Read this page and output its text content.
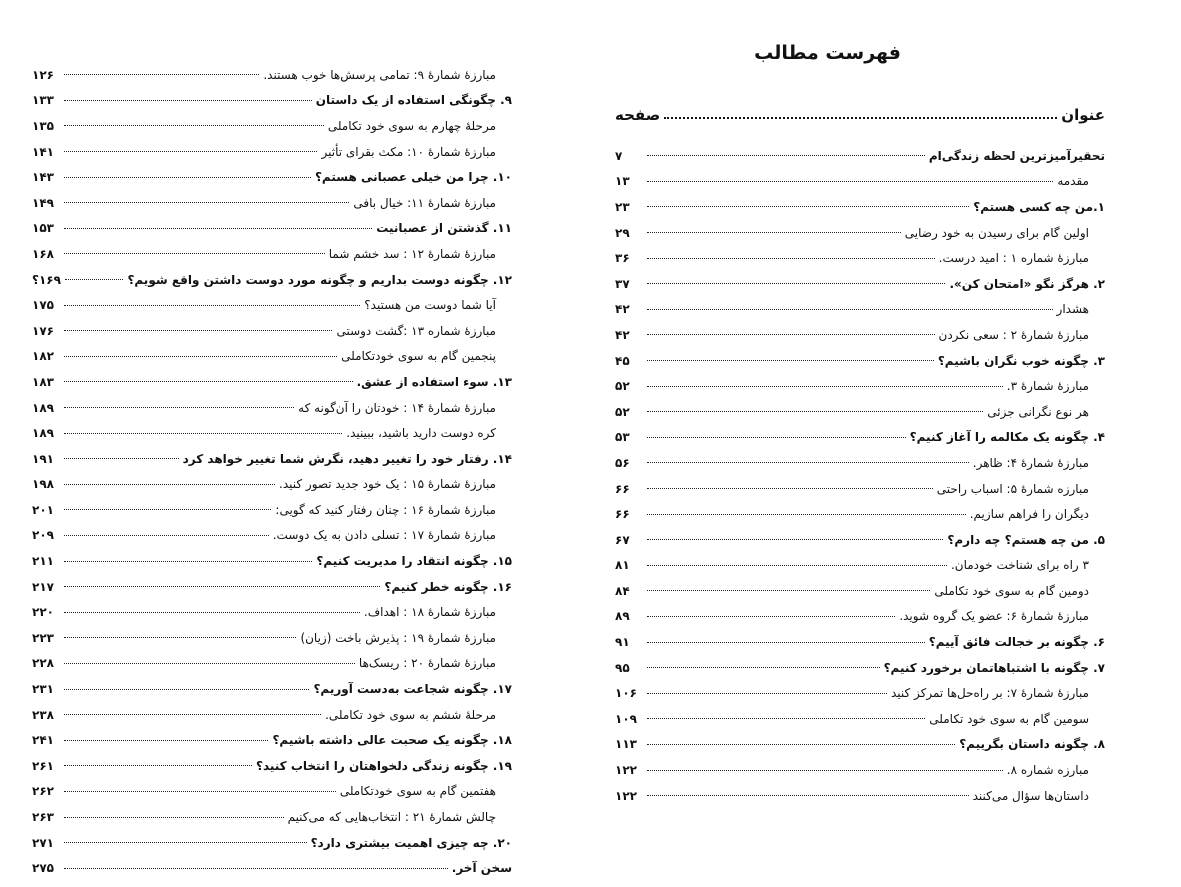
فهرست مطالب
عنوان
صفحه
تحقیرآمیزترین لحظه زندگی‌ام
۷
مقدمه
۱۳
۱.من چه کسی هستم؟
۲۳
اولین گام برای رسیدن به خود رضایی
۲۹
مبارزهٔ شماره ۱ : امید درست.
۳۶
۲. هرگز نگو «امتحان کن».
۳۷
هشدار
۴۲
مبارزهٔ شمارهٔ ۲ : سعی نکردن
۴۲
۳. چگونه خوب نگران باشیم؟
۴۵
مبارزهٔ شمارهٔ ۳.
۵۲
هر نوع نگرانی جزئی
۵۲
۴. چگونه یک مکالمه را آغاز کنیم؟
۵۳
مبارزهٔ شمارهٔ ۴: ظاهر.
۵۶
مبارزه شمارهٔ ۵: اسباب راحتی
۶۶
دیگران را فراهم سازیم.
۶۶
۵. من چه هستم؟ چه دارم؟
۶۷
۳ راه برای شناخت خودمان.
۸۱
دومین گام به سوی خود تکاملی
۸۴
مبارزهٔ شمارهٔ ۶: عضو یک گروه شوید.
۸۹
۶. چگونه بر خجالت فائق آییم؟
۹۱
۷. چگونه با اشتباهاتمان برخورد کنیم؟
۹۵
مبارزهٔ شمارهٔ ۷: بر راه‌حل‌ها تمرکز کنید
۱۰۶
سومین گام به سوی خود تکاملی
۱۰۹
۸. چگونه داستان بگرییم؟
۱۱۳
مبارزه شماره ۸.
۱۲۲
داستان‌ها سؤال می‌کنند
۱۲۲
مبارزهٔ شمارهٔ ۹: تمامی پرسش‌ها خوب هستند.
۱۲۶
۹. چگونگی استفاده از یک داستان
۱۳۳
مرحلهٔ چهارم به سوی خود تکاملی
۱۳۵
مبارزهٔ شمارهٔ ۱۰: مکث بقرای تأثیر
۱۴۱
۱۰. چرا من خیلی عصبانی هستم؟
۱۴۳
مبارزهٔ شمارهٔ ۱۱: خیال بافی
۱۴۹
۱۱. گذشتن از عصبانیت
۱۵۳
مبارزهٔ شمارهٔ ۱۲ : سد خشم شما
۱۶۸
۱۲. چگونه دوست بداریم و چگونه مورد دوست داشتن واقع شویم؟
۱۶۹؟
آیا شما دوست من هستید؟
۱۷۵
مبارزهٔ شماره ۱۳ :گشت دوستی
۱۷۶
پنجمین گام به سوی خودتکاملی
۱۸۲
۱۳. سوء استفاده از عشق.
۱۸۳
مبارزهٔ شمارهٔ ۱۴ : خودتان را آن‌گونه که
۱۸۹
کره دوست دارید باشید، ببینید.
۱۸۹
۱۴. رفتار خود را تغییر دهید، نگرش شما تغییر خواهد کرد
۱۹۱
مبارزهٔ شمارهٔ ۱۵ : یک خود جدید تصور کنید.
۱۹۸
مبارزهٔ شمارهٔ ۱۶ : چنان رفتار کنید که گویی:
۲۰۱
مبارزهٔ شمارهٔ ۱۷ : تسلی دادن به یک دوست.
۲۰۹
۱۵. چگونه انتقاد را مدیریت کنیم؟
۲۱۱
۱۶. چگونه خطر کنیم؟
۲۱۷
مبارزهٔ شمارهٔ ۱۸ : اهداف.
۲۲۰
مبارزهٔ شمارهٔ ۱۹ : پذیرش باخت (زیان)
۲۲۳
مبارزهٔ شمارهٔ ۲۰ : ریسک‌ها
۲۲۸
۱۷. چگونه شجاعت به‌دست آوریم؟
۲۳۱
مرحلهٔ ششم به سوی خود تکاملی.
۲۳۸
۱۸. چگونه یک صحبت عالی داشته باشیم؟
۲۴۱
۱۹. چگونه زندگی دلخواهتان را انتخاب کنید؟
۲۶۱
هفتمین گام به سوی خودتکاملی
۲۶۲
چالش شمارهٔ ۲۱ : انتخاب‌هایی که می‌کنیم
۲۶۳
۲۰. چه چیزی اهمیت بیشتری دارد؟
۲۷۱
سخن آخر.
۲۷۵
